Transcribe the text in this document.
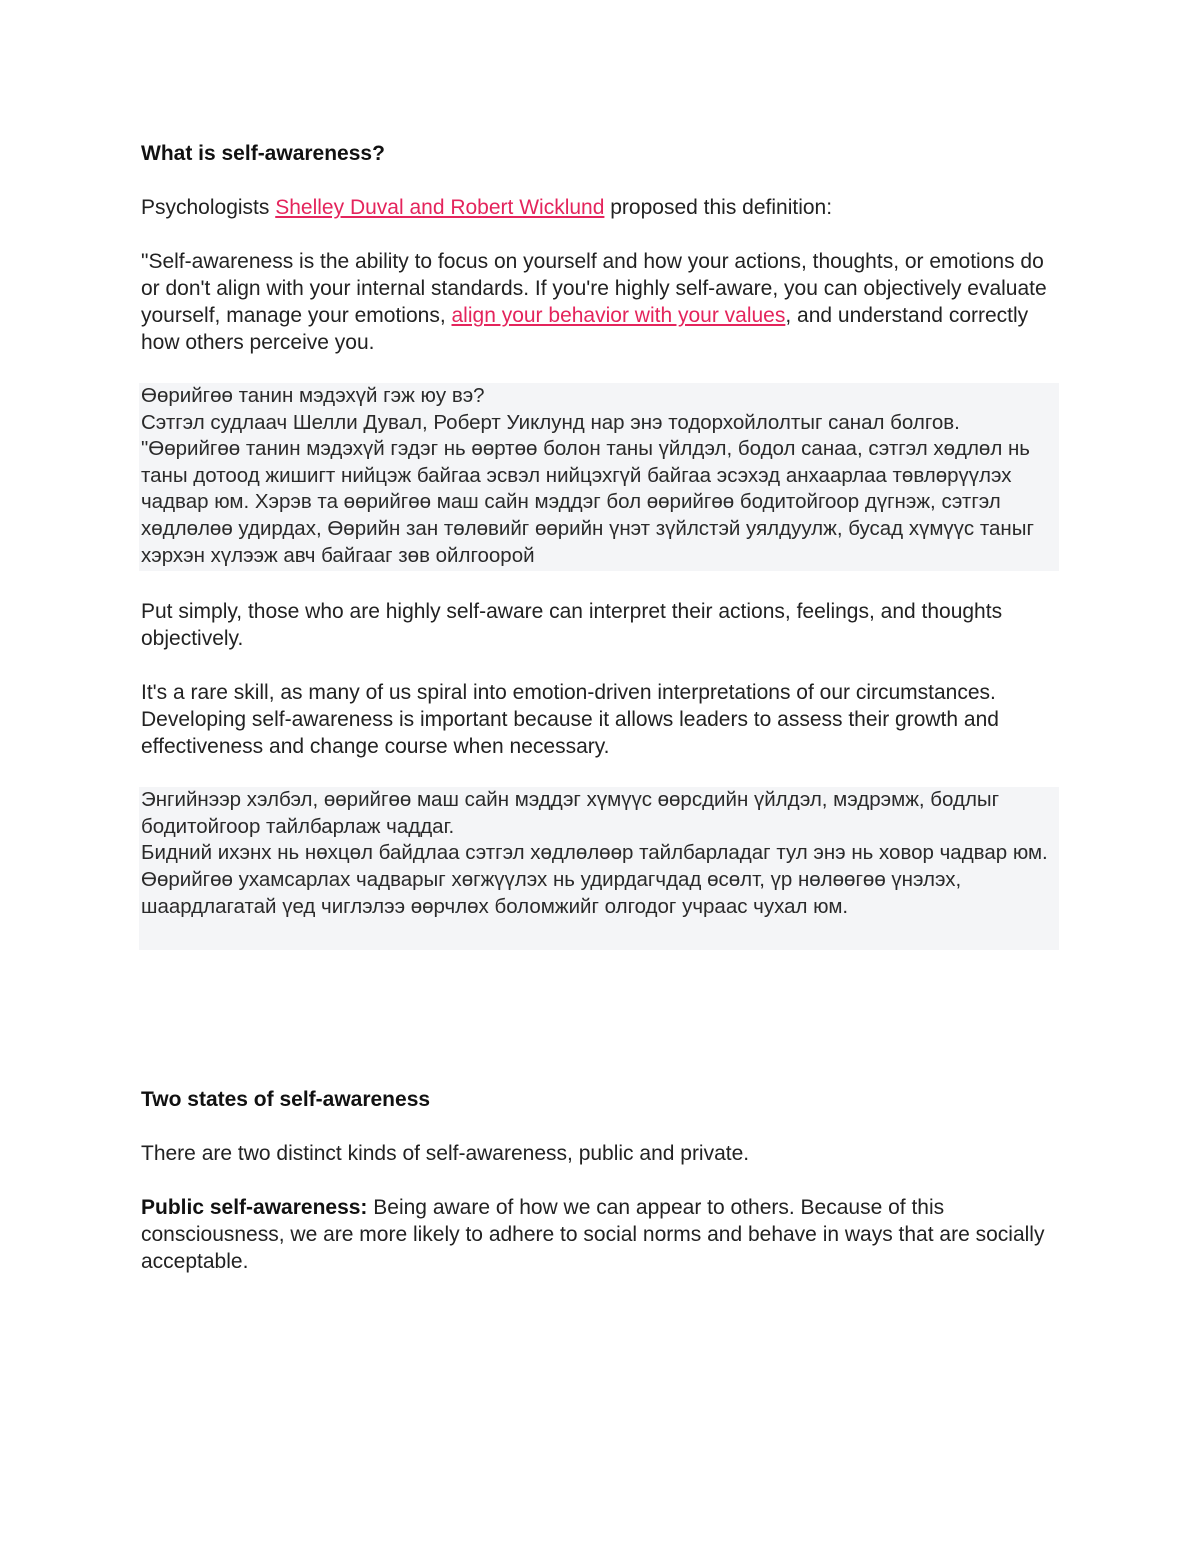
What is self-awareness?

Psychologists Shelley Duval and Robert Wicklund proposed this definition:

"Self-awareness is the ability to focus on yourself and how your actions, thoughts, or emotions do or don't align with your internal standards. If you're highly self-aware, you can objectively evaluate yourself, manage your emotions, align your behavior with your values, and understand correctly how others perceive you.

Өөрийгөө танин мэдэхүй гэж юу вэ?

Сэтгэл судлаач Шелли Дувал, Роберт Уиклунд нар энэ тодорхойлолтыг санал болгов.

"Өөрийгөө танин мэдэхүй гэдэг нь өөртөө болон таны үйлдэл, бодол санаа, сэтгэл хөдлөл нь таны дотоод жишигт нийцэж байгаа эсвэл нийцэхгүй байгаа эсэхэд анхаарлаа төвлөрүүлэх чадвар юм. Хэрэв та өөрийгөө маш сайн мэддэг бол өөрийгөө бодитойгоор дүгнэж, сэтгэл хөдлөлөө удирдах, Өөрийн зан төлөвийг өөрийн үнэт зүйлстэй уялдуулж, бусад хүмүүс таныг хэрхэн хүлээж авч байгааг зөв ойлгоорой

Put simply, those who are highly self-aware can interpret their actions, feelings, and thoughts objectively.

It's a rare skill, as many of us spiral into emotion-driven interpretations of our circumstances. Developing self-awareness is important because it allows leaders to assess their growth and effectiveness and change course when necessary.

Энгийнээр хэлбэл, өөрийгөө маш сайн мэддэг хүмүүс өөрсдийн үйлдэл, мэдрэмж, бодлыг бодитойгоор тайлбарлаж чаддаг.

Бидний ихэнх нь нөхцөл байдлаа сэтгэл хөдлөлөөр тайлбарладаг тул энэ нь ховор чадвар юм. Өөрийгөө ухамсарлах чадварыг хөгжүүлэх нь удирдагчдад өсөлт, үр нөлөөгөө үнэлэх, шаардлагатай үед чиглэлээ өөрчлөх боломжийг олгодог учраас чухал юм.

Two states of self-awareness

There are two distinct kinds of self-awareness, public and private.

Public self-awareness: Being aware of how we can appear to others. Because of this consciousness, we are more likely to adhere to social norms and behave in ways that are socially acceptable.
